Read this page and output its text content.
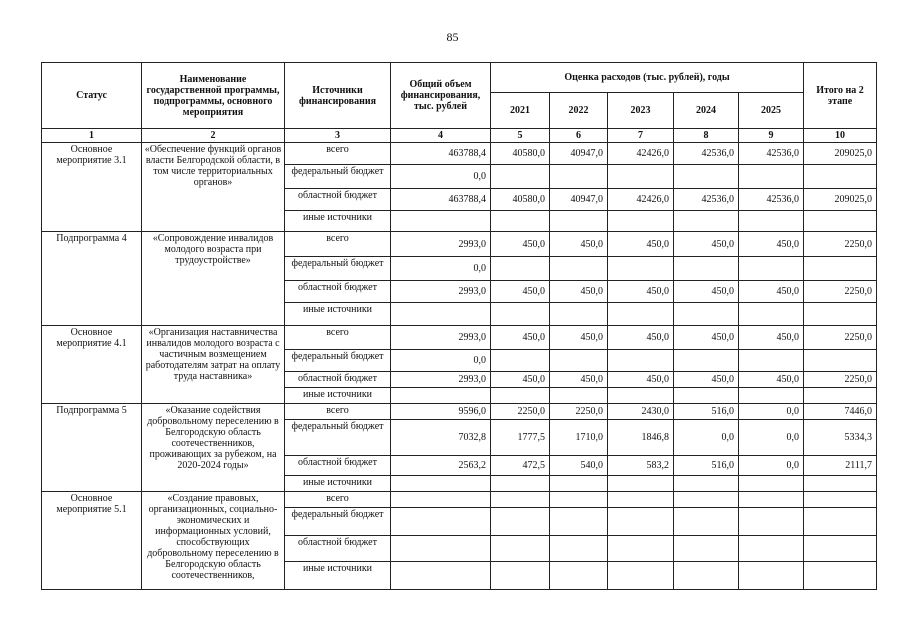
85
Статус	Наименование государственной программы, подпрограммы, основного мероприятия	Источники финансирования	Общий объем финансирования, тыс. рублей	Оценка расходов (тыс. рублей), годы					Итого на 2 этапе
				2021	2022	2023	2024	2025	
1	2	3	4	5	6	7	8	9	10
Основное мероприятие 3.1	«Обеспечение функций органов власти Белгородской области, в том числе территориальных органов»	всего	463788,4	40580,0	40947,0	42426,0	42536,0	42536,0	209025,0
		федеральный бюджет	0,0						
		областной бюджет	463788,4	40580,0	40947,0	42426,0	42536,0	42536,0	209025,0
		иные источники							
Подпрограмма 4	«Сопровождение инвалидов молодого возраста при трудоустройстве»	всего	2993,0	450,0	450,0	450,0	450,0	450,0	2250,0
		федеральный бюджет	0,0						
		областной бюджет	2993,0	450,0	450,0	450,0	450,0	450,0	2250,0
		иные источники							
Основное мероприятие 4.1	«Организация наставничества инвалидов молодого возраста с частичным возмещением работодателям затрат на оплату труда наставника»	всего	2993,0	450,0	450,0	450,0	450,0	450,0	2250,0
		федеральный бюджет	0,0						
		областной бюджет	2993,0	450,0	450,0	450,0	450,0	450,0	2250,0
		иные источники							
Подпрограмма 5	«Оказание содействия добровольному переселению в Белгородскую область соотечественников, проживающих за рубежом, на 2020-2024 годы»	всего	9596,0	2250,0	2250,0	2430,0	516,0	0,0	7446,0
		федеральный бюджет	7032,8	1777,5	1710,0	1846,8	0,0	0,0	5334,3
		областной бюджет	2563,2	472,5	540,0	583,2	516,0	0,0	2111,7
		иные источники							
Основное мероприятие 5.1	«Создание правовых, организационных, социально-экономических и информационных условий, способствующих добровольному переселению в Белгородскую область соотечественников,	всего							
		федеральный бюджет							
		областной бюджет							
		иные источники							
